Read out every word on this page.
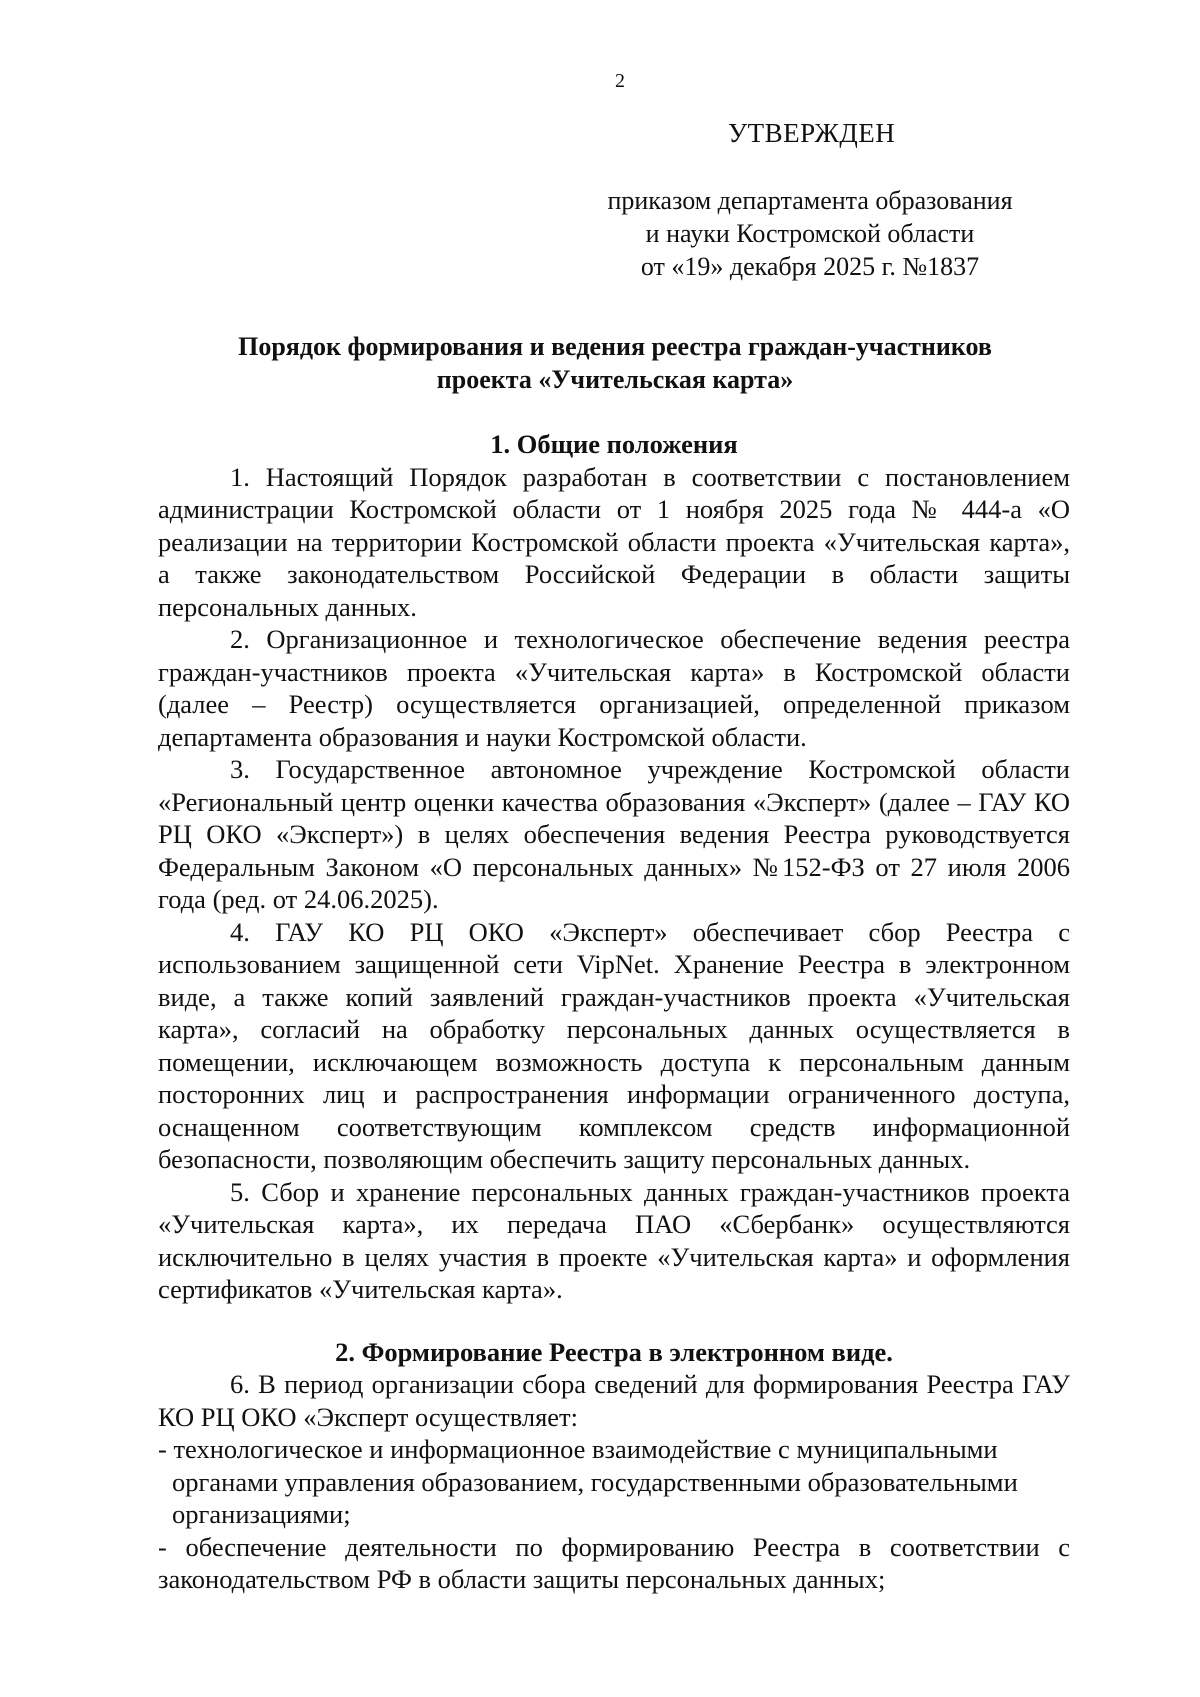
2
УТВЕРЖДЕН
приказом департамента образования
и науки Костромской области
от «19» декабря 2025 г. №1837
Порядок формирования и ведения реестра граждан-участников
проекта «Учительская карта»

1. Общие положения

1. Настоящий Порядок разработан в соответствии с постановлением администрации Костромской области от 1 ноября 2025 года № 444-а «О реализации на территории Костромской области проекта «Учительская карта», а также законодательством Российской Федерации в области защиты персональных данных.

2. Организационное и технологическое обеспечение ведения реестра граждан-участников проекта «Учительская карта» в Костромской области (далее – Реестр) осуществляется организацией, определенной приказом департамента образования и науки Костромской области.

3. Государственное автономное учреждение Костромской области «Региональный центр оценки качества образования «Эксперт» (далее – ГАУ КО РЦ ОКО «Эксперт») в целях обеспечения ведения Реестра руководствуется Федеральным Законом «О персональных данных» №152-ФЗ от 27 июля 2006 года (ред. от 24.06.2025).

4. ГАУ КО РЦ ОКО «Эксперт» обеспечивает сбор Реестра с использованием защищенной сети VipNet. Хранение Реестра в электронном виде, а также копий заявлений граждан-участников проекта «Учительская карта», согласий на обработку персональных данных осуществляется в помещении, исключающем возможность доступа к персональным данным посторонних лиц и распространения информации ограниченного доступа, оснащенном соответствующим комплексом средств информационной безопасности, позволяющим обеспечить защиту персональных данных.

5. Сбор и хранение персональных данных граждан-участников проекта «Учительская карта», их передача ПАО «Сбербанк» осуществляются исключительно в целях участия в проекте «Учительская карта» и оформления сертификатов «Учительская карта».

2. Формирование Реестра в электронном виде.

6. В период организации сбора сведений для формирования Реестра ГАУ КО РЦ ОКО «Эксперт осуществляет:

- технологическое и информационное взаимодействие с муниципальными органами управления образованием, государственными образовательными организациями;

- обеспечение деятельности по формированию Реестра в соответствии с законодательством РФ в области защиты персональных данных;
